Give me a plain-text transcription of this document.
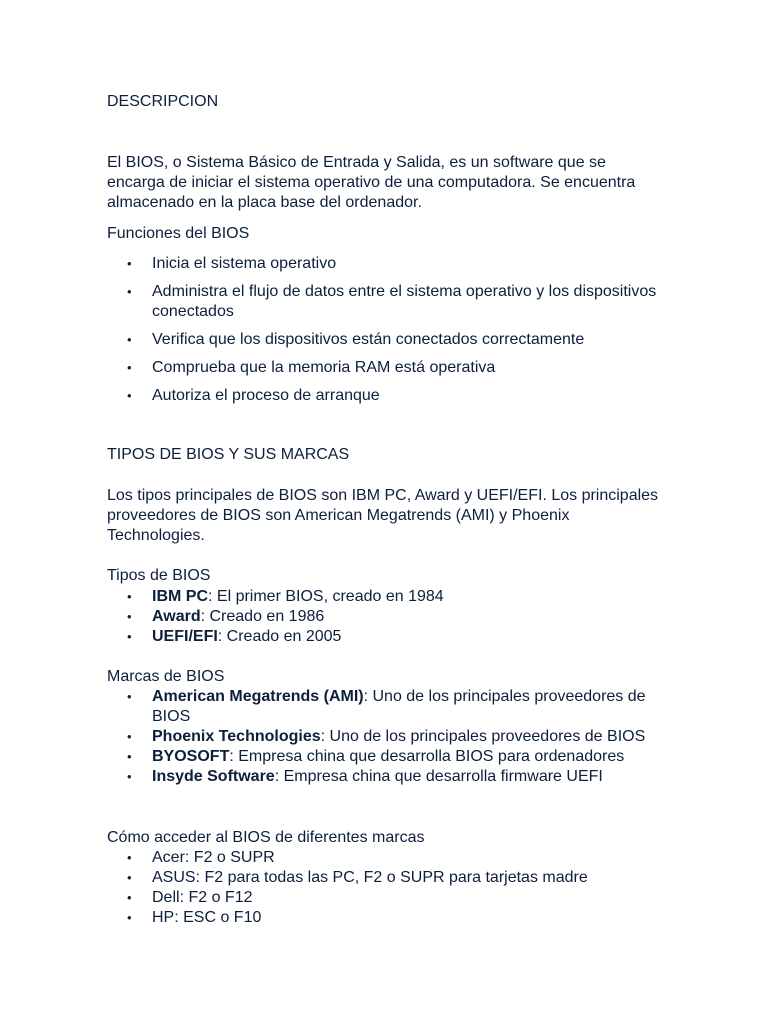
DESCRIPCION

El BIOS, o Sistema Básico de Entrada y Salida, es un software que se encarga de iniciar el sistema operativo de una computadora. Se encuentra almacenado en la placa base del ordenador.

Funciones del BIOS

• Inicia el sistema operativo
• Administra el flujo de datos entre el sistema operativo y los dispositivos conectados
• Verifica que los dispositivos están conectados correctamente
• Comprueba que la memoria RAM está operativa
• Autoriza el proceso de arranque

TIPOS DE BIOS Y SUS MARCAS

Los tipos principales de BIOS son IBM PC, Award y UEFI/EFI. Los principales proveedores de BIOS son American Megatrends (AMI) y Phoenix Technologies.

Tipos de BIOS

• IBM PC: El primer BIOS, creado en 1984
• Award: Creado en 1986
• UEFI/EFI: Creado en 2005

Marcas de BIOS

• American Megatrends (AMI): Uno de los principales proveedores de BIOS
• Phoenix Technologies: Uno de los principales proveedores de BIOS
• BYOSOFT: Empresa china que desarrolla BIOS para ordenadores
• Insyde Software: Empresa china que desarrolla firmware UEFI

Cómo acceder al BIOS de diferentes marcas

• Acer: F2 o SUPR
• ASUS: F2 para todas las PC, F2 o SUPR para tarjetas madre
• Dell: F2 o F12
• HP: ESC o F10
